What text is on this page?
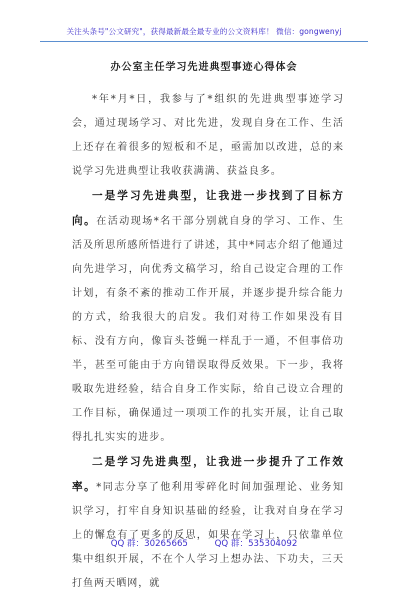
关注头条号"公文研究"，获得最新最全最专业的公文资料库！ 微信：gongwenyj
办公室主任学习先进典型事迹心得体会

*年*月*日，我参与了*组织的先进典型事迹学习会，通过现场学习、对比先进，发现自身在工作、生活上还存在着很多的短板和不足，亟需加以改进，总的来说学习先进典型让我收获满满、获益良多。

一是学习先进典型，让我进一步找到了目标方向。在活动现场*名干部分别就自身的学习、工作、生活及所思所感所悟进行了讲述，其中*同志介绍了他通过向先进学习，向优秀文稿学习，给自己设定合理的工作计划，有条不紊的推动工作开展，并逐步提升综合能力的方式，给我很大的启发。我们对待工作如果没有目标、没有方向，像盲头苍蝇一样乱于一通，不但事倍功半，甚至可能由于方向错误取得反效果。下一步，我将吸取先进经验，结合自身工作实际，给自己设立合理的工作目标，确保通过一项项工作的扎实开展，让自己取得扎扎实实的进步。

二是学习先进典型，让我进一步提升了工作效率。*同志分享了他利用零碎化时间加强理论、业务知识学习，打牢自身知识基础的经验，让我对自身在学习上的懈怠有了更多的反思，如果在学习上，只依靠单位集中组织开展，不在个人学习上想办法、下功夫，三天打鱼两天晒网，就

QQ 群：30265665	QQ 群：535304092
